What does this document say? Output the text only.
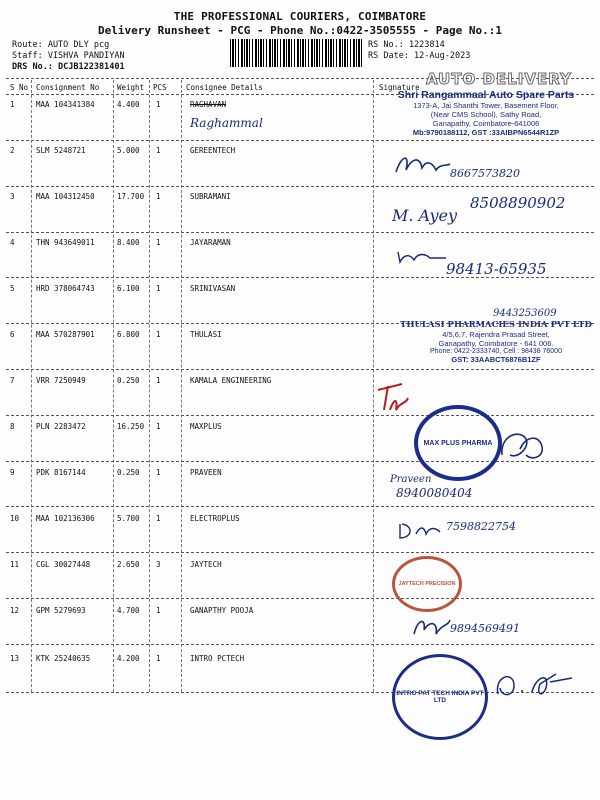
THE PROFESSIONAL COURIERS, COIMBATORE
Delivery Runsheet - PCG - Phone No.:0422-3505555 - Page No.:1
Route: AUTO DLY pcg
Staff: VISHVA PANDIYAN
DRS No.: DCJB122381401
RS No.: 1223814
RS Date: 12-Aug-2023
S No Consignment No Weight PCS	Consignee Details	Signature
1	MAA 104341384	4.400 1	RAGHAVAN
2	SLM 5248721	5.000 1	GEREENTECH
3	MAA 104312450	17.700 1	SUBRAMANI
4	THN 943649011	8.400 1	JAYARAMAN
5	HRD 378064743	6.100 1	SRINIVASAN
6	MAA 570287901	6.800 1	THULASI
7	VRR 7250949	0.250 1	KAMALA ENGINEERING
8	PLN 2283472	16.250 1	MAXPLUS
9	PDK 8167144	0.250 1	PRAVEEN
10 MAA 102136306	5.700 1	ELECTROPLUS
11 CGL 30027448	2.650 3	JAYTECH
12 GPM 5279693	4.700 1	GANAPTHY POOJA
13 KTK 25240635	4.200 1	INTRO PCTECH
Raghammal
AUTO DELIVERY
Shri Rangammaal Auto Spare Parts
1373-A, Jai Shanthi Tower, Basement Floor,
(Near CMS School), Sathy Road,
Ganapathy, Coimbatore-641006
Mb:9790188112, GST :33AIBPN6544R1ZP
8667573820
8508890902
M. Ayey
98413-65935
9443253609
THULASI PHARMACIES INDIA PVT LTD
4/5,6,7, Rajendra Prasad Street,
Ganapathy, Coimbatore - 641 006.
Phone: 0422-2333740, Cell : 98438 76000
GST: 33AABCT6876B1ZF
MAX PLUS PHARMA
Praveen
8940080404
7598822754
JAYTECH PRECISION
9894569491
INTRO PAT TECH INDIA PVT LTD
